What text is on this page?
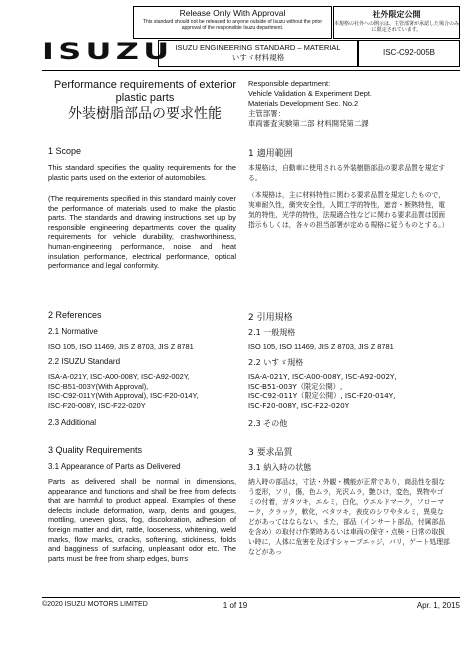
Release Only With Approval
This standard should not be released to anyone outside of Isuzu without the prior approval of the responsible Isuzu department.
社外限定公開
本規格の社外への開示は、主管部署が承認した場合のみに限定されています。
ISUZU ISUZU ENGINEERING STANDARD – MATERIAL
いすゞ材料規格
ISC-C92-005B
Performance requirements of exterior plastic parts
外装樹脂部品の要求性能
Responsible department:
Vehicle Validation & Experiment Dept.
Materials Development Sec. No.2
主管部署：
車両審査実験第二部 材料開発第二課
1 Scope
This standard specifies the quality requirements for the plastic parts used on the exterior of automobiles.
(The requirements specified in this standard mainly cover the performance of materials used to make the plastic parts. The standards and drawing instructions set up by responsible engineering departments cover the quality requirements for vehicle durability, crashworthiness, human-engineering performance, noise and heat insulation performance, electrical performance, optical performance and legal conformity.
2 References
2.1 Normative
ISO 105, ISO 11469, JIS Z 8703, JIS Z 8781
2.2 ISUZU Standard
ISA-A-021Y, ISC-A00-008Y, ISC-A92-002Y,
ISC-B51-003Y(With Approval),
ISC-C92-011Y(With Approval), ISC-F20-014Y,
ISC-F20-008Y, ISC-F22-020Y
2.3 Additional
3 Quality Requirements
3.1 Appearance of Parts as Delivered
Parts as delivered shall be normal in dimensions, appearance and functions and shall be free from defects that are harmful to product appeal. Examples of these defects include deformation, warp, dents and gouges, mottling, uneven gloss, fog, discoloration, adhesion of foreign matter and dirt, rattle, looseness, whitening, weld marks, flow marks, cracks, softening, stickiness, folds and bagginess of surfacing, unpleasant odor etc. The parts must be free from sharp edges, burrs
1 適用範囲
本規格は，自動車に使用される外装樹脂部品の要求品質を規定する。
（本規格は，主に材料特性に関わる要求品質を規定したもので，実車耐久性，衝突安全性，人間工学的特性，遮音・断熱特性，電気的特性，光学的特性，法規適合性などに関わる要求品質は図面指示もしくは，各々の担当部署が定める規格に従うものとする。）
2 引用規格
2.1 一般規格
ISO 105, ISO 11469, JIS Z 8703, JIS Z 8781
2.2 いすゞ規格
ISA-A-021Y, ISC-A00-008Y, ISC-A92-002Y,
ISC-B51-003Y（限定公開）,
ISC-C92-011Y（限定公開）, ISC-F20-014Y,
ISC-F20-008Y, ISC-F22-020Y
2.3 その他
3 要求品質
3.1 納入時の状態
納入時の部品は，寸法・外観・機能が正常であり，商品性を損なう変形，ソリ，傷，色ムラ，光沢ムラ，艶ひけ，変色，異物やゴミの付着，ガタツキ，エルミ，白化，ウエルドマーク，フローマーク，クラック，軟化，ベタツキ，表皮のシワやタルミ，異臭などがあってはならない。また，部品（インサート部品，付属部品を含め）の取付け作業時あるいは車両の保守・点検・日常の取扱い時に，人体に危害を及ぼすシャープエッジ，バリ，ゲート処理部などがあっ
©2020 ISUZU MOTORS LIMITED	1 of 19	Apr. 1, 2015
